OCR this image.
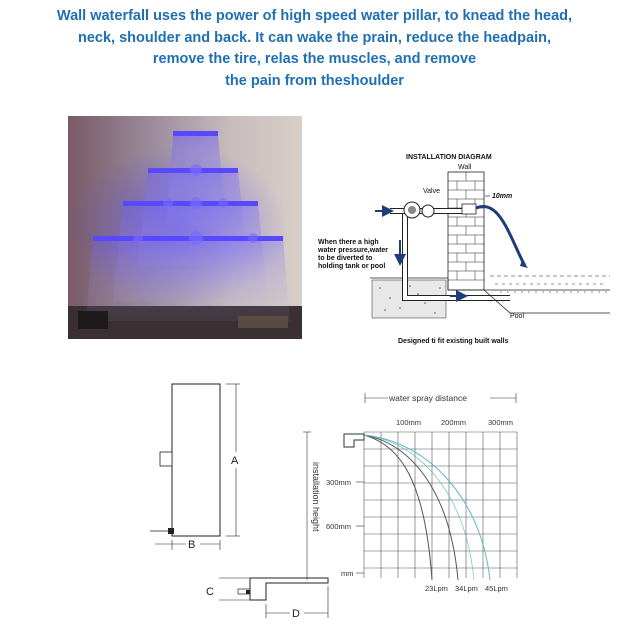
Wall waterfall uses the power of high speed water pillar, to knead the head,
neck, shoulder and back. It can wake the prain, reduce the headpain,
remove the tire, relas the muscles, and remove
the pain from theshoulder
INSTALLATION DIAGRAM
Wall
Valve
10mm
Pool
When there a high
water pressure,water
to be diverted to
holding tank or pool
Designed ti fit existing built walls
A
B
C
D
water spray distance
100mm	200mm	300mm
installation height 300mm
600mm
mm
23Lpm 34Lpm 45Lpm
